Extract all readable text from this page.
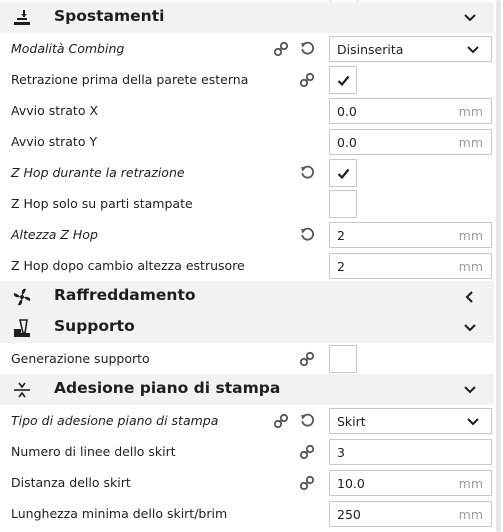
Spostamenti
Modalità Combing	Disinserita
Retrazione prima della parete esterna
Avvio strato X	0.0	mm
Avvio strato Y	0.0	mm
Z Hop durante la retrazione
Z Hop solo su parti stampate
Altezza Z Hop	2	mm
Z Hop dopo cambio altezza estrusore	2	mm
Raffreddamento
Supporto
Generazione supporto
Adesione piano di stampa
Tipo di adesione piano di stampa	Skirt
Numero di linee dello skirt	3
Distanza dello skirt	10.0	mm
Lunghezza minima dello skirt/brim	250	mm
